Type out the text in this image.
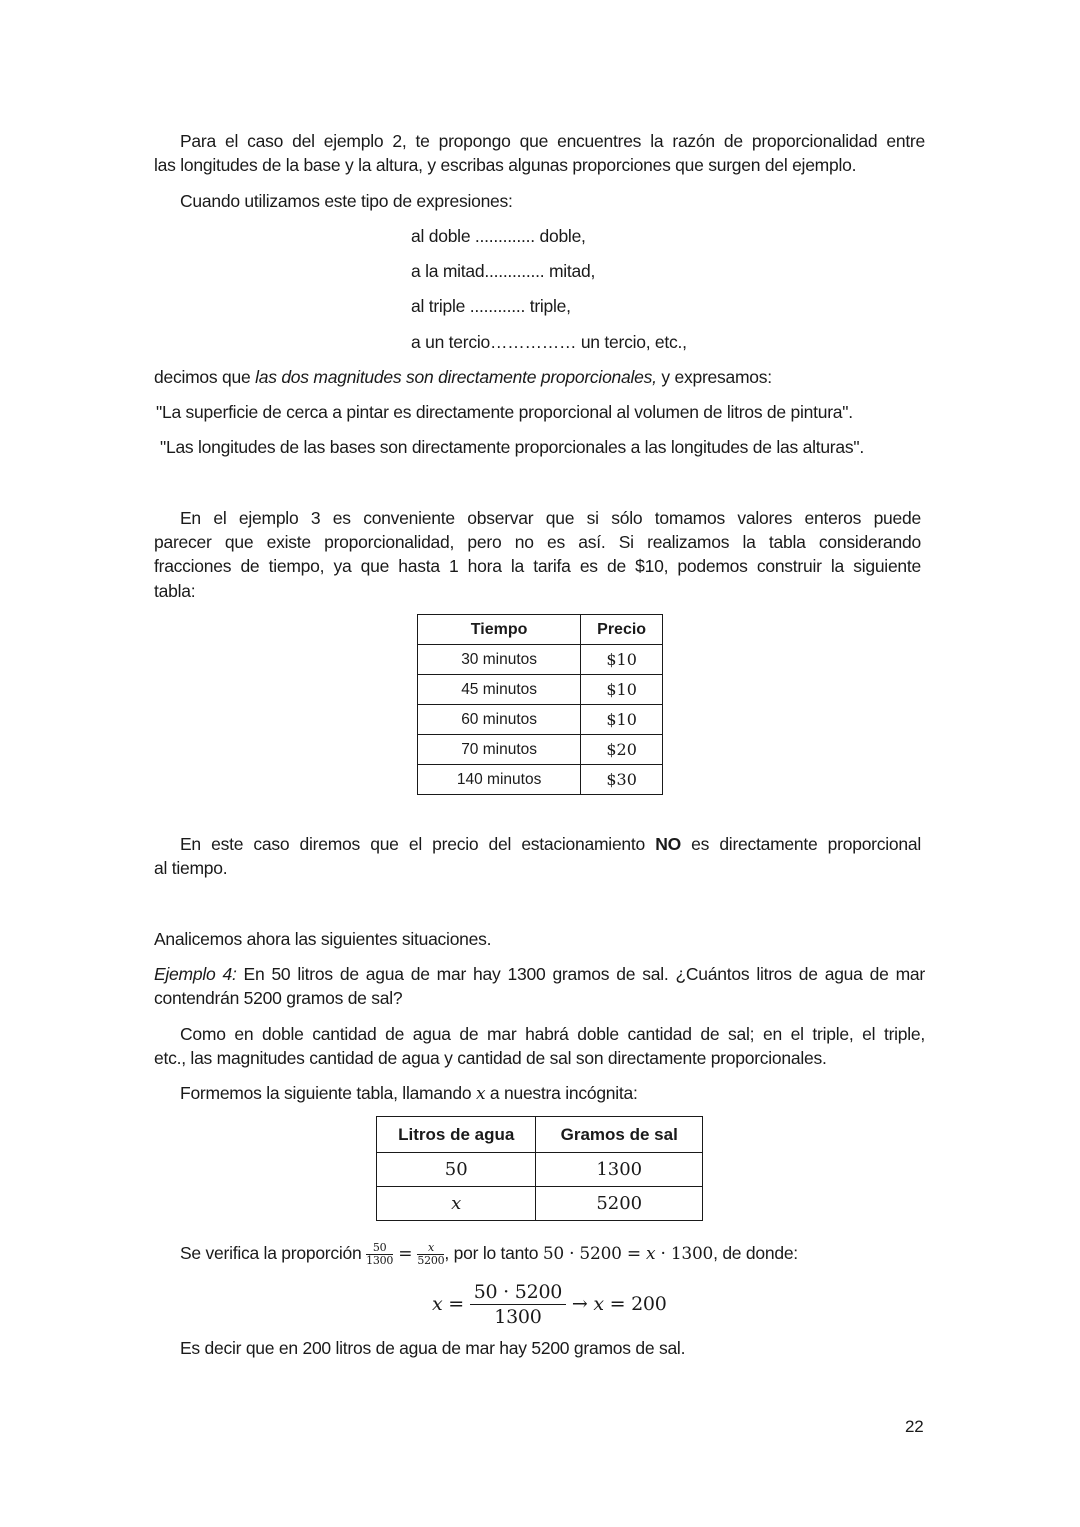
Para el caso del ejemplo 2, te propongo que encuentres la razón de proporcionalidad entre
las longitudes de la base y la altura, y escribas algunas proporciones que surgen del ejemplo.
Cuando utilizamos este tipo de expresiones:
al doble ............. doble,
a la mitad............. mitad,
al triple ............ triple,
a un tercio…………… un tercio, etc.,
decimos que las dos magnitudes son directamente proporcionales, y expresamos:
"La superficie de cerca a pintar es directamente proporcional al volumen de litros de pintura".
"Las longitudes de las bases son directamente proporcionales a las longitudes de las alturas".
En el ejemplo 3 es conveniente observar que si sólo tomamos valores enteros puede
parecer que existe proporcionalidad, pero no es así. Si realizamos la tabla considerando
fracciones de tiempo, ya que hasta 1 hora la tarifa es de $10, podemos construir la siguiente
tabla:
Tiempo	Precio
30 minutos	$10
45 minutos	$10
60 minutos	$10
70 minutos	$20
140 minutos	$30
En este caso diremos que el precio del estacionamiento NO es directamente proporcional
al tiempo.
Analicemos ahora las siguientes situaciones.
Ejemplo 4: En 50 litros de agua de mar hay 1300 gramos de sal. ¿Cuántos litros de agua de mar
contendrán 5200 gramos de sal?
Como en doble cantidad de agua de mar habrá doble cantidad de sal; en el triple, el triple,
etc., las magnitudes cantidad de agua y cantidad de sal son directamente proporcionales.
Formemos la siguiente tabla, llamando x a nuestra incógnita:
Litros de agua	Gramos de sal
50	1300
x	5200
Se verifica la proporción $\frac{50}{1300} = \frac{x}{5200}$ , por lo tanto 50 · 5200 = x · 1300, de donde:
$x = \frac{50 \cdot 5200}{1300} \to x = 200$
Es decir que en 200 litros de agua de mar hay 5200 gramos de sal.
22
